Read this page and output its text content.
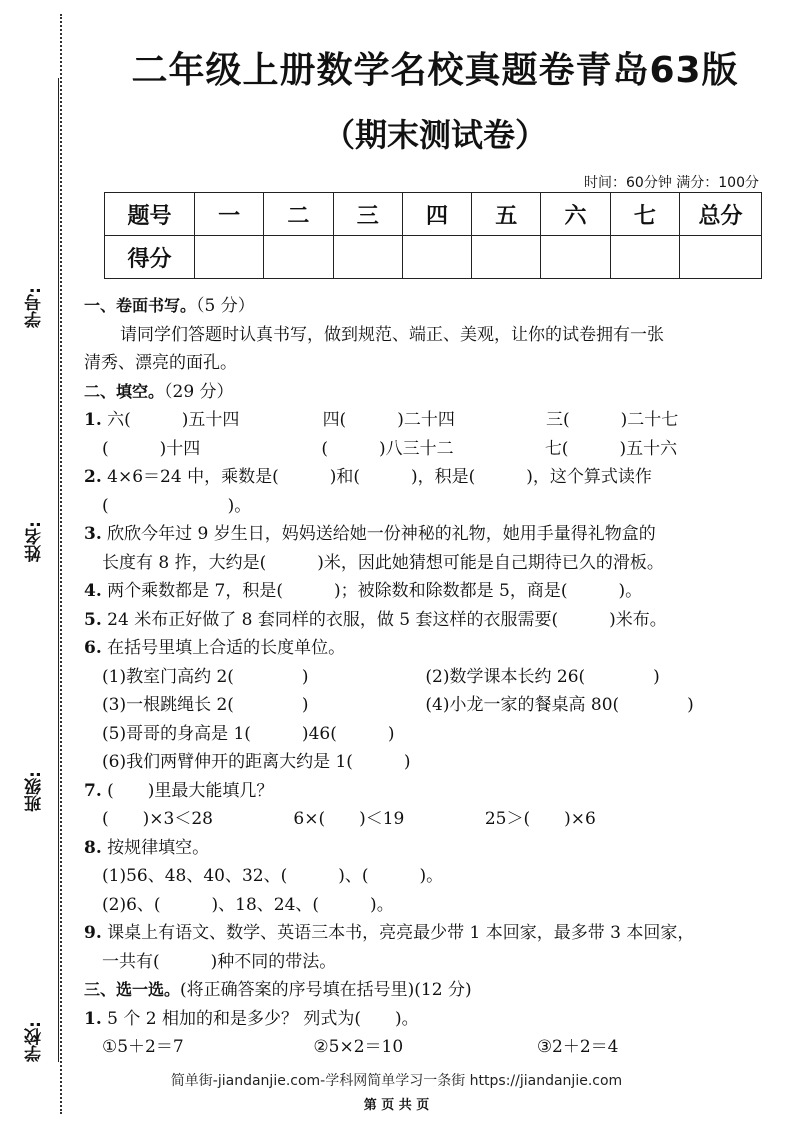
学号:
姓名:
班级:
学校:
二年级上册数学名校真题卷青岛63版
（期末测试卷）
时间：60分钟 满分：100分
题号	一	二	三	四	五	六	七	总分
得分								

一、卷面书写。（5 分）

请同学们答题时认真书写，做到规范、端正、美观，让你的试卷拥有一张

清秀、漂亮的面孔。

二、填空。（29 分）

1. 六(　　　)五十四	四(　　　)二十四	三(　　　)二十七

(　　　)十四	(　　　)八三十二	七(　　　)五十六

2. 4×6＝24 中，乘数是(　　　)和(　　　)，积是(　　　)，这个算式读作

(　　　　　　　)。

3. 欣欣今年过 9 岁生日，妈妈送给她一份神秘的礼物，她用手量得礼物盒的

长度有 8 拃，大约是(　　　)米，因此她猜想可能是自己期待已久的滑板。

4. 两个乘数都是 7，积是(　　　)；被除数和除数都是 5，商是(　　　)。

5. 24 米布正好做了 8 套同样的衣服，做 5 套这样的衣服需要(　　　)米布。

6. 在括号里填上合适的长度单位。

(1)教室门高约 2(　　　　)	(2)数学课本长约 26(　　　　)

(3)一根跳绳长 2(　　　　)	(4)小龙一家的餐桌高 80(　　　　)

(5)哥哥的身高是 1(　　　)46(　　　)

(6)我们两臂伸开的距离大约是 1(　　　)

7. (　　)里最大能填几？

(　　)×3＜28	6×(　　)＜19	25＞(　　)×6

8. 按规律填空。

(1)56、48、40、32、(　　　)、(　　　)。

(2)6、(　　　)、18、24、(　　　)。

9. 课桌上有语文、数学、英语三本书，亮亮最少带 1 本回家，最多带 3 本回家，

一共有(　　　)种不同的带法。

三、选一选。(将正确答案的序号填在括号里)(12 分)

1. 5 个 2 相加的和是多少？ 列式为(　　)。

①5＋2＝7	②5×2＝10	③2＋2＝4

简单街-jiandanjie.com-学科网简单学习一条街 https://jiandanjie.com
第 页 共 页
